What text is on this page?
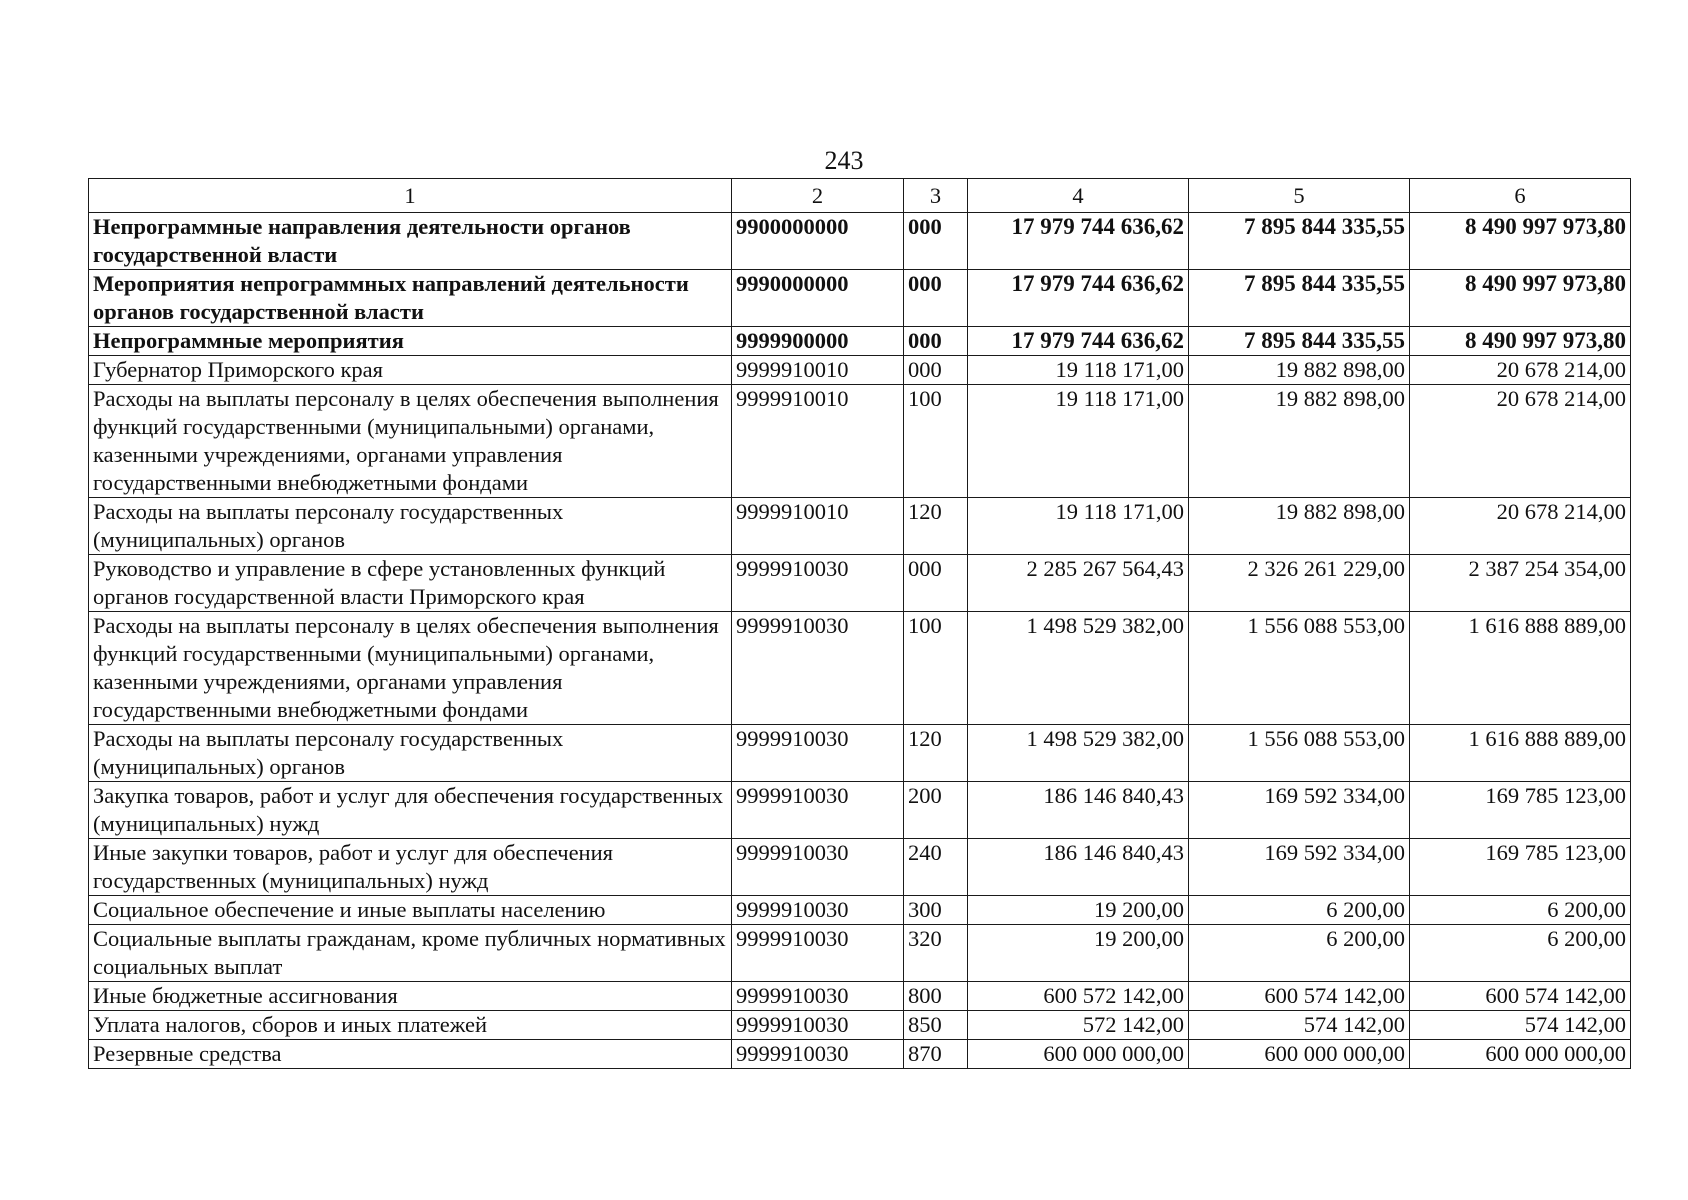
243
1	2	3	4	5	6
Непрограммные направления деятельности органов государственной власти	9900000000	000	17 979 744 636,62	7 895 844 335,55	8 490 997 973,80
Мероприятия непрограммных направлений деятельности органов государственной власти	9990000000	000	17 979 744 636,62	7 895 844 335,55	8 490 997 973,80
Непрограммные мероприятия	9999900000	000	17 979 744 636,62	7 895 844 335,55	8 490 997 973,80
Губернатор Приморского края	9999910010	000	19 118 171,00	19 882 898,00	20 678 214,00
Расходы на выплаты персоналу в целях обеспечения выполнения функций государственными (муниципальными) органами, казенными учреждениями, органами управления государственными внебюджетными фондами	9999910010	100	19 118 171,00	19 882 898,00	20 678 214,00
Расходы на выплаты персоналу государственных (муниципальных) органов	9999910010	120	19 118 171,00	19 882 898,00	20 678 214,00
Руководство и управление в сфере установленных функций органов государственной власти Приморского края	9999910030	000	2 285 267 564,43	2 326 261 229,00	2 387 254 354,00
Расходы на выплаты персоналу в целях обеспечения выполнения функций государственными (муниципальными) органами, казенными учреждениями, органами управления государственными внебюджетными фондами	9999910030	100	1 498 529 382,00	1 556 088 553,00	1 616 888 889,00
Расходы на выплаты персоналу государственных (муниципальных) органов	9999910030	120	1 498 529 382,00	1 556 088 553,00	1 616 888 889,00
Закупка товаров, работ и услуг для обеспечения государственных (муниципальных) нужд	9999910030	200	186 146 840,43	169 592 334,00	169 785 123,00
Иные закупки товаров, работ и услуг для обеспечения государственных (муниципальных) нужд	9999910030	240	186 146 840,43	169 592 334,00	169 785 123,00
Социальное обеспечение и иные выплаты населению	9999910030	300	19 200,00	6 200,00	6 200,00
Социальные выплаты гражданам, кроме публичных нормативных социальных выплат	9999910030	320	19 200,00	6 200,00	6 200,00
Иные бюджетные ассигнования	9999910030	800	600 572 142,00	600 574 142,00	600 574 142,00
Уплата налогов, сборов и иных платежей	9999910030	850	572 142,00	574 142,00	574 142,00
Резервные средства	9999910030	870	600 000 000,00	600 000 000,00	600 000 000,00
